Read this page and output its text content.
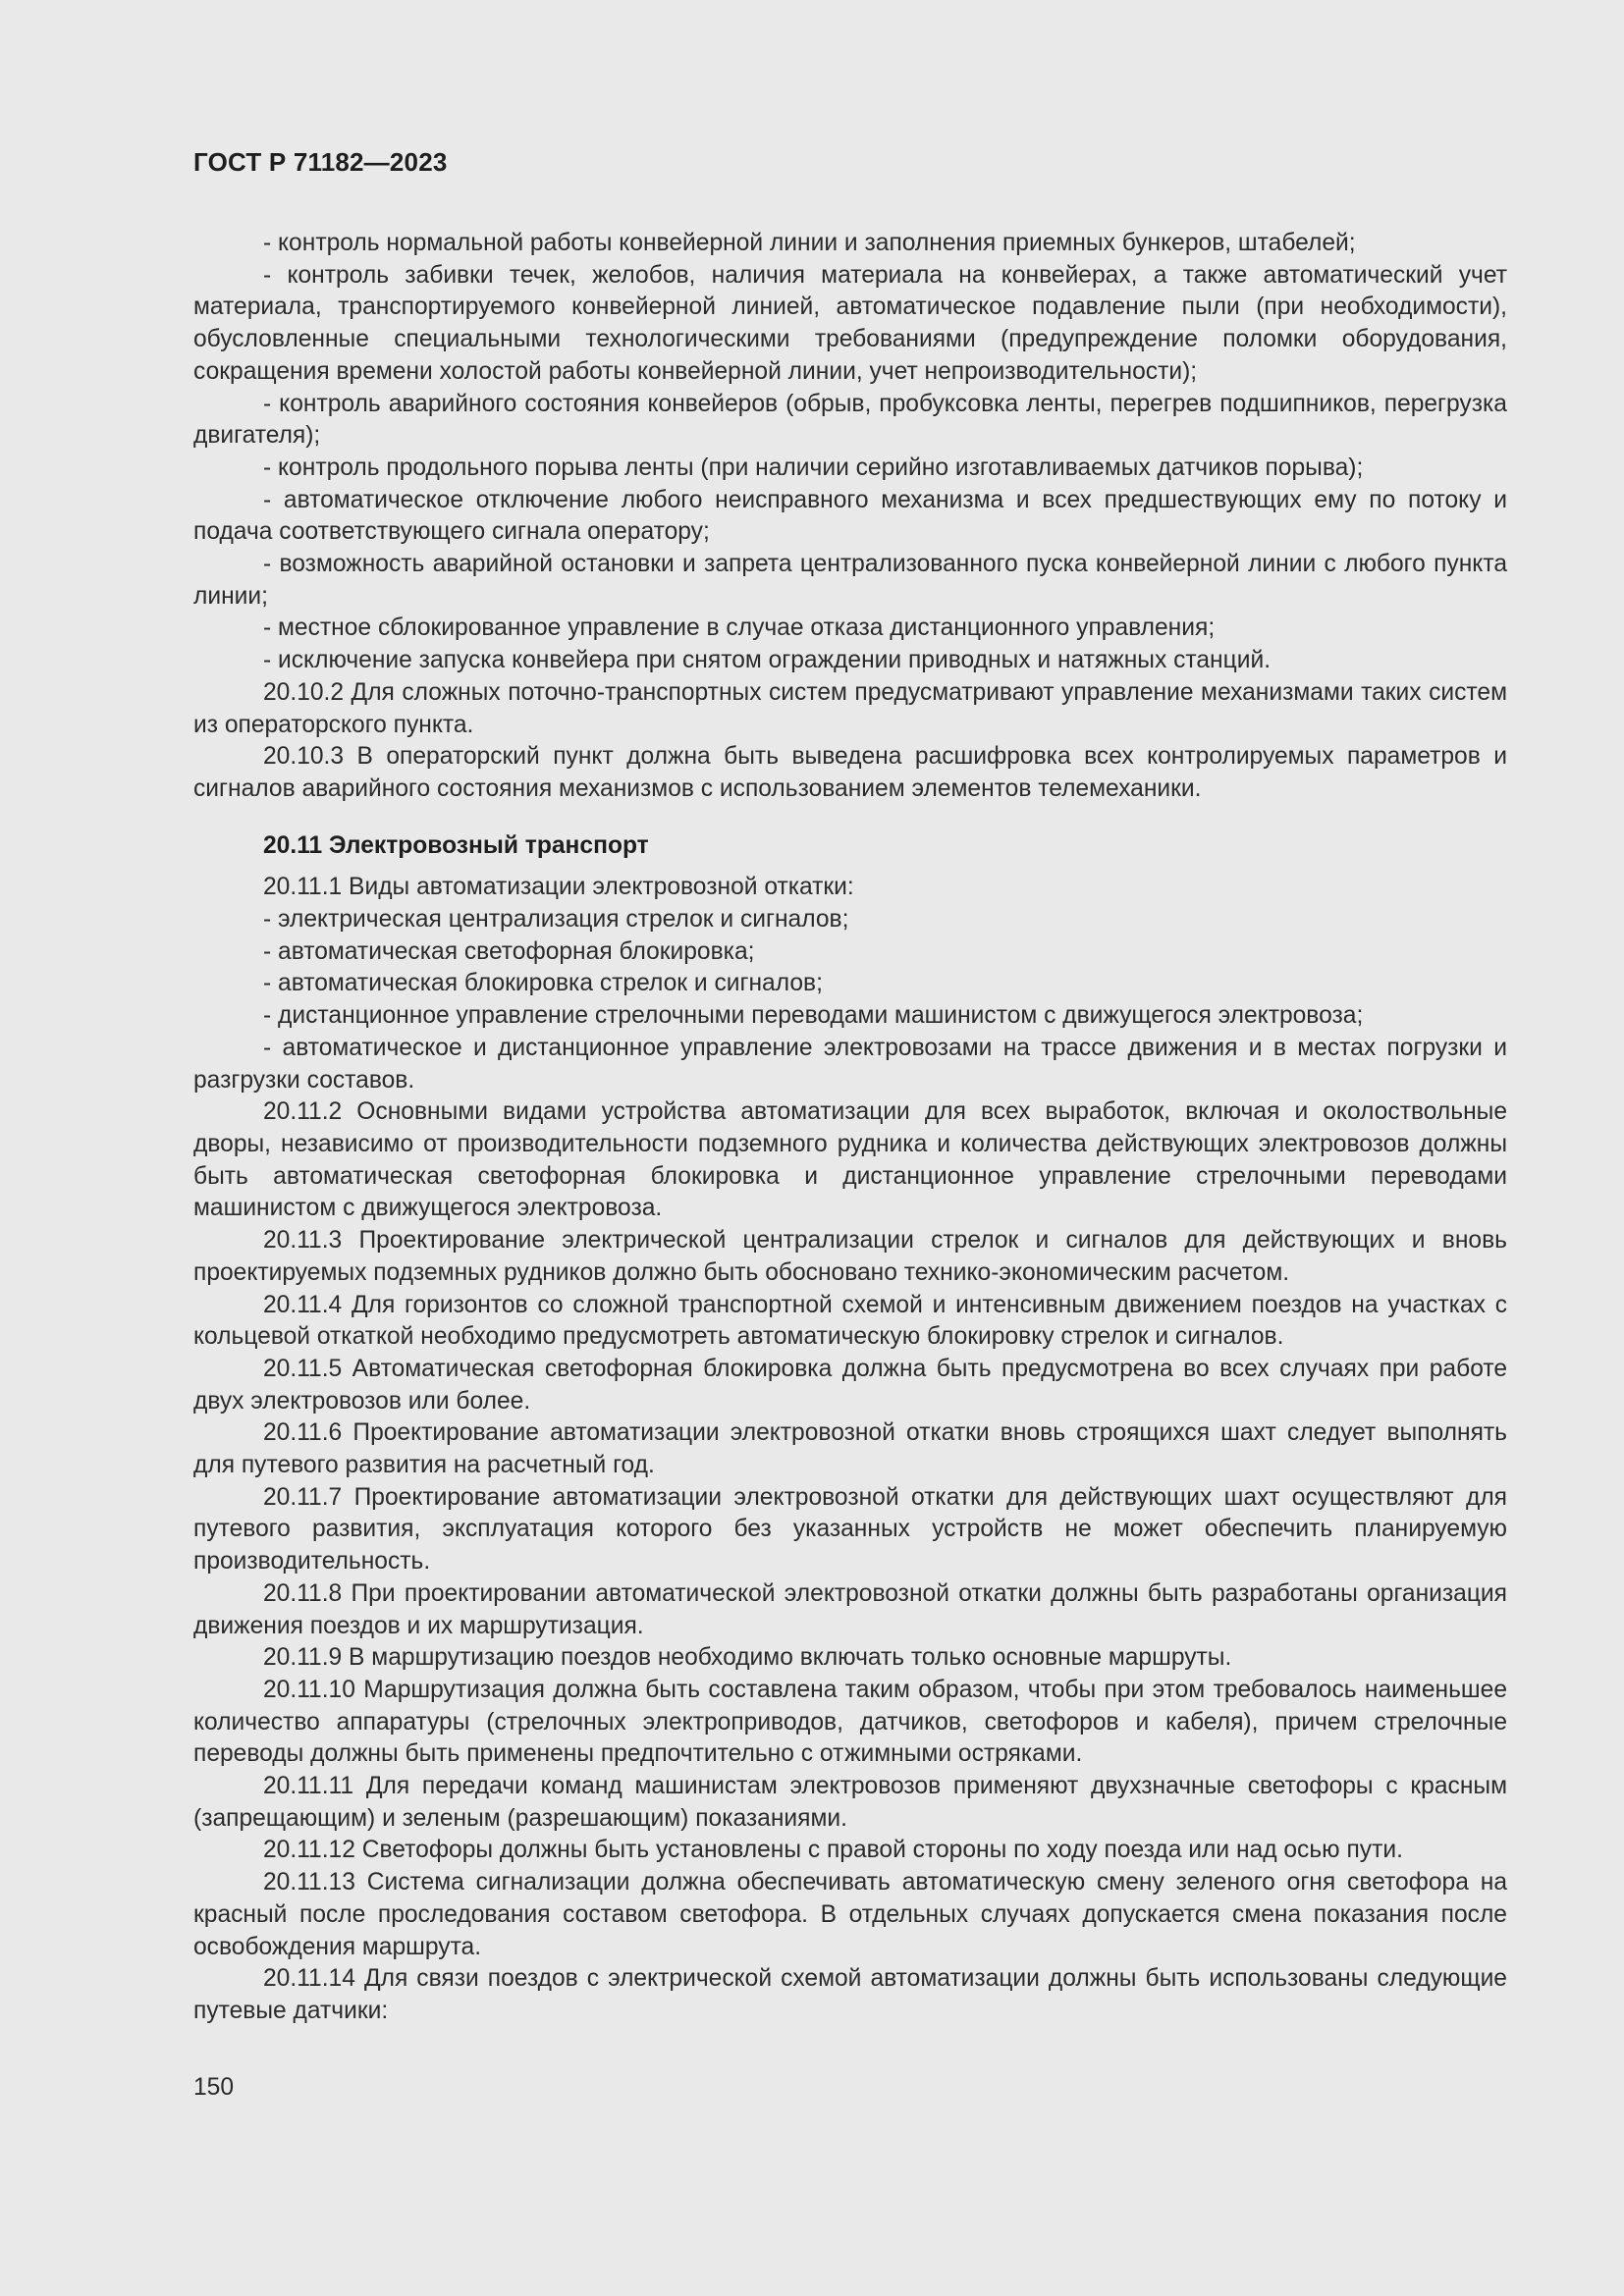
ГОСТ Р 71182—2023

- контроль нормальной работы конвейерной линии и заполнения приемных бункеров, штабелей;

- контроль забивки течек, желобов, наличия материала на конвейерах, а также автоматический учет материала, транспортируемого конвейерной линией, автоматическое подавление пыли (при необходимости), обусловленные специальными технологическими требованиями (предупреждение поломки оборудования, сокращения времени холостой работы конвейерной линии, учет непроизводительности);

- контроль аварийного состояния конвейеров (обрыв, пробуксовка ленты, перегрев подшипников, перегрузка двигателя);

- контроль продольного порыва ленты (при наличии серийно изготавливаемых датчиков порыва);

- автоматическое отключение любого неисправного механизма и всех предшествующих ему по потоку и подача соответствующего сигнала оператору;

- возможность аварийной остановки и запрета централизованного пуска конвейерной линии с любого пункта линии;

- местное сблокированное управление в случае отказа дистанционного управления;

- исключение запуска конвейера при снятом ограждении приводных и натяжных станций.

20.10.2 Для сложных поточно-транспортных систем предусматривают управление механизмами таких систем из операторского пункта.

20.10.3 В операторский пункт должна быть выведена расшифровка всех контролируемых параметров и сигналов аварийного состояния механизмов с использованием элементов телемеханики.

20.11 Электровозный транспорт

20.11.1 Виды автоматизации электровозной откатки:

- электрическая централизация стрелок и сигналов;

- автоматическая светофорная блокировка;

- автоматическая блокировка стрелок и сигналов;

- дистанционное управление стрелочными переводами машинистом с движущегося электровоза;

- автоматическое и дистанционное управление электровозами на трассе движения и в местах погрузки и разгрузки составов.

20.11.2 Основными видами устройства автоматизации для всех выработок, включая и околоствольные дворы, независимо от производительности подземного рудника и количества действующих электровозов должны быть автоматическая светофорная блокировка и дистанционное управление стрелочными переводами машинистом с движущегося электровоза.

20.11.3 Проектирование электрической централизации стрелок и сигналов для действующих и вновь проектируемых подземных рудников должно быть обосновано технико-экономическим расчетом.

20.11.4 Для горизонтов со сложной транспортной схемой и интенсивным движением поездов на участках с кольцевой откаткой необходимо предусмотреть автоматическую блокировку стрелок и сигналов.

20.11.5 Автоматическая светофорная блокировка должна быть предусмотрена во всех случаях при работе двух электровозов или более.

20.11.6 Проектирование автоматизации электровозной откатки вновь строящихся шахт следует выполнять для путевого развития на расчетный год.

20.11.7 Проектирование автоматизации электровозной откатки для действующих шахт осуществляют для путевого развития, эксплуатация которого без указанных устройств не может обеспечить планируемую производительность.

20.11.8 При проектировании автоматической электровозной откатки должны быть разработаны организация движения поездов и их маршрутизация.

20.11.9 В маршрутизацию поездов необходимо включать только основные маршруты.

20.11.10 Маршрутизация должна быть составлена таким образом, чтобы при этом требовалось наименьшее количество аппаратуры (стрелочных электроприводов, датчиков, светофоров и кабеля), причем стрелочные переводы должны быть применены предпочтительно с отжимными остряками.

20.11.11 Для передачи команд машинистам электровозов применяют двухзначные светофоры с красным (запрещающим) и зеленым (разрешающим) показаниями.

20.11.12 Светофоры должны быть установлены с правой стороны по ходу поезда или над осью пути.

20.11.13 Система сигнализации должна обеспечивать автоматическую смену зеленого огня светофора на красный после проследования составом светофора. В отдельных случаях допускается смена показания после освобождения маршрута.

20.11.14 Для связи поездов с электрической схемой автоматизации должны быть использованы следующие путевые датчики:

150
